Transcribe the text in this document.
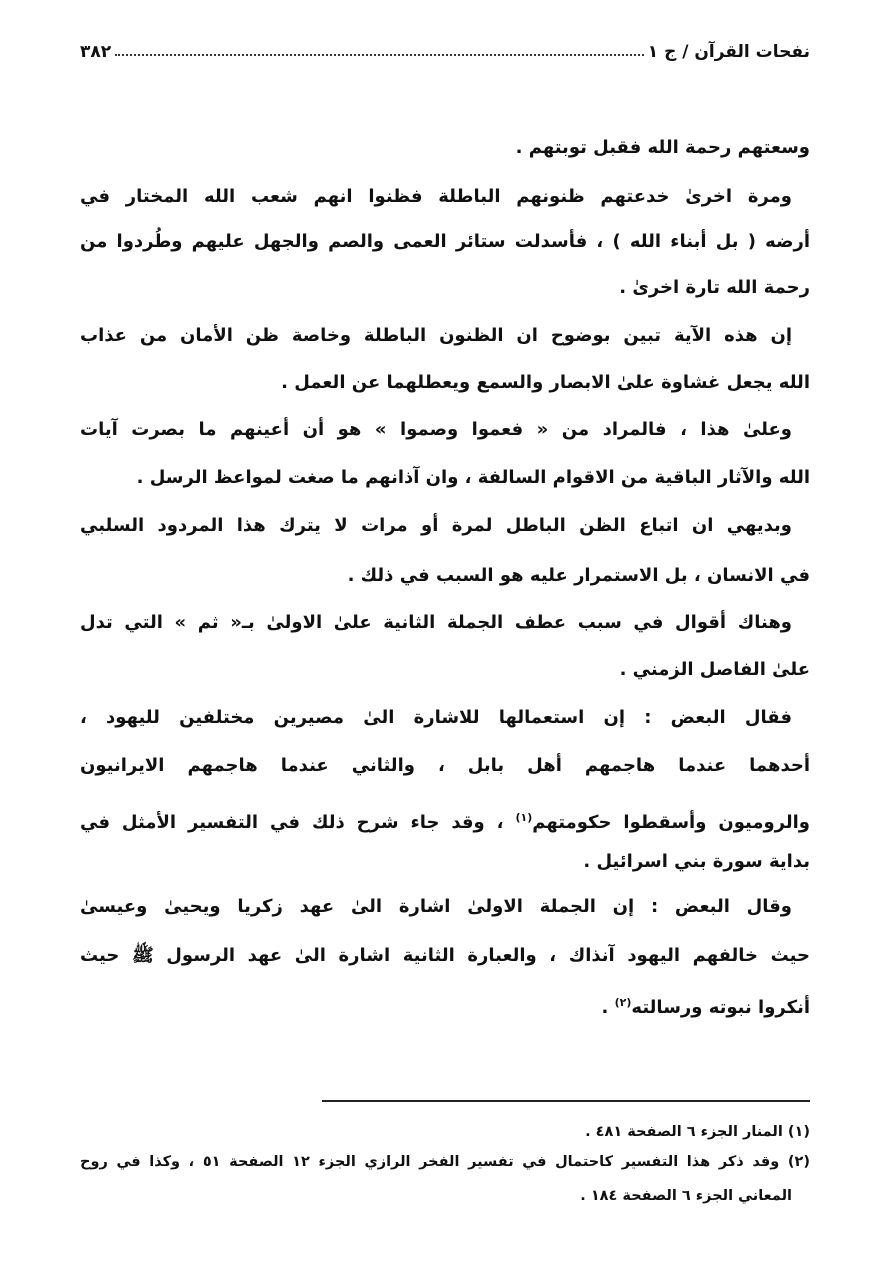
نفحات القرآن / ج ١
٣٨٢
وسعتهم رحمة الله فقبل توبتهم .
ومرة اخرىٰ خدعتهم ظنونهم الباطلة فظنوا انهم شعب الله المختار في
أرضه ( بل أبناء الله ) ، فأسدلت ستائر العمى والصم والجهل عليهم وطُردوا من
رحمة الله تارة اخرىٰ .
إن هذه الآية تبين بوضوح ان الظنون الباطلة وخاصة ظن الأمان من عذاب
الله يجعل غشاوة علىٰ الابصار والسمع ويعطلهما عن العمل .
وعلىٰ هذا ، فالمراد من « فعموا وصموا » هو أن أعينهم ما بصرت آيات
الله والآثار الباقية من الاقوام السالفة ، وان آذانهم ما صغت لمواعظ الرسل .
وبديهي ان اتباع الظن الباطل لمرة أو مرات لا يترك هذا المردود السلبي
في الانسان ، بل الاستمرار عليه هو السبب في ذلك .
وهناك أقوال في سبب عطف الجملة الثانية علىٰ الاولىٰ بـ« ثم » التي تدل
علىٰ الفاصل الزمني .
فقال البعض : إن استعمالها للاشارة الىٰ مصيرين مختلفين لليهود ،
أحدهما عندما هاجمهم أهل بابل ، والثاني عندما هاجمهم الايرانيون
والروميون وأسقطوا حكومتهم$^{(١)}$ ، وقد جاء شرح ذلك في التفسير الأمثل في
بداية سورة بني اسرائيل .
وقال البعض : إن الجملة الاولىٰ اشارة الىٰ عهد زكريا ويحيىٰ وعيسىٰ
حيث خالفهم اليهود آنذاك ، والعبارة الثانية اشارة الىٰ عهد الرسول ﷺ حيث
أنكروا نبوته ورسالته$^{(٢)}$ .
(١) المنار الجزء ٦ الصفحة ٤٨١ .
(٢) وقد ذكر هذا التفسير كاحتمال في تفسير الفخر الرازي الجزء ١٢ الصفحة ٥١ ، وكذا في روح
المعاني الجزء ٦ الصفحة ١٨٤ .
